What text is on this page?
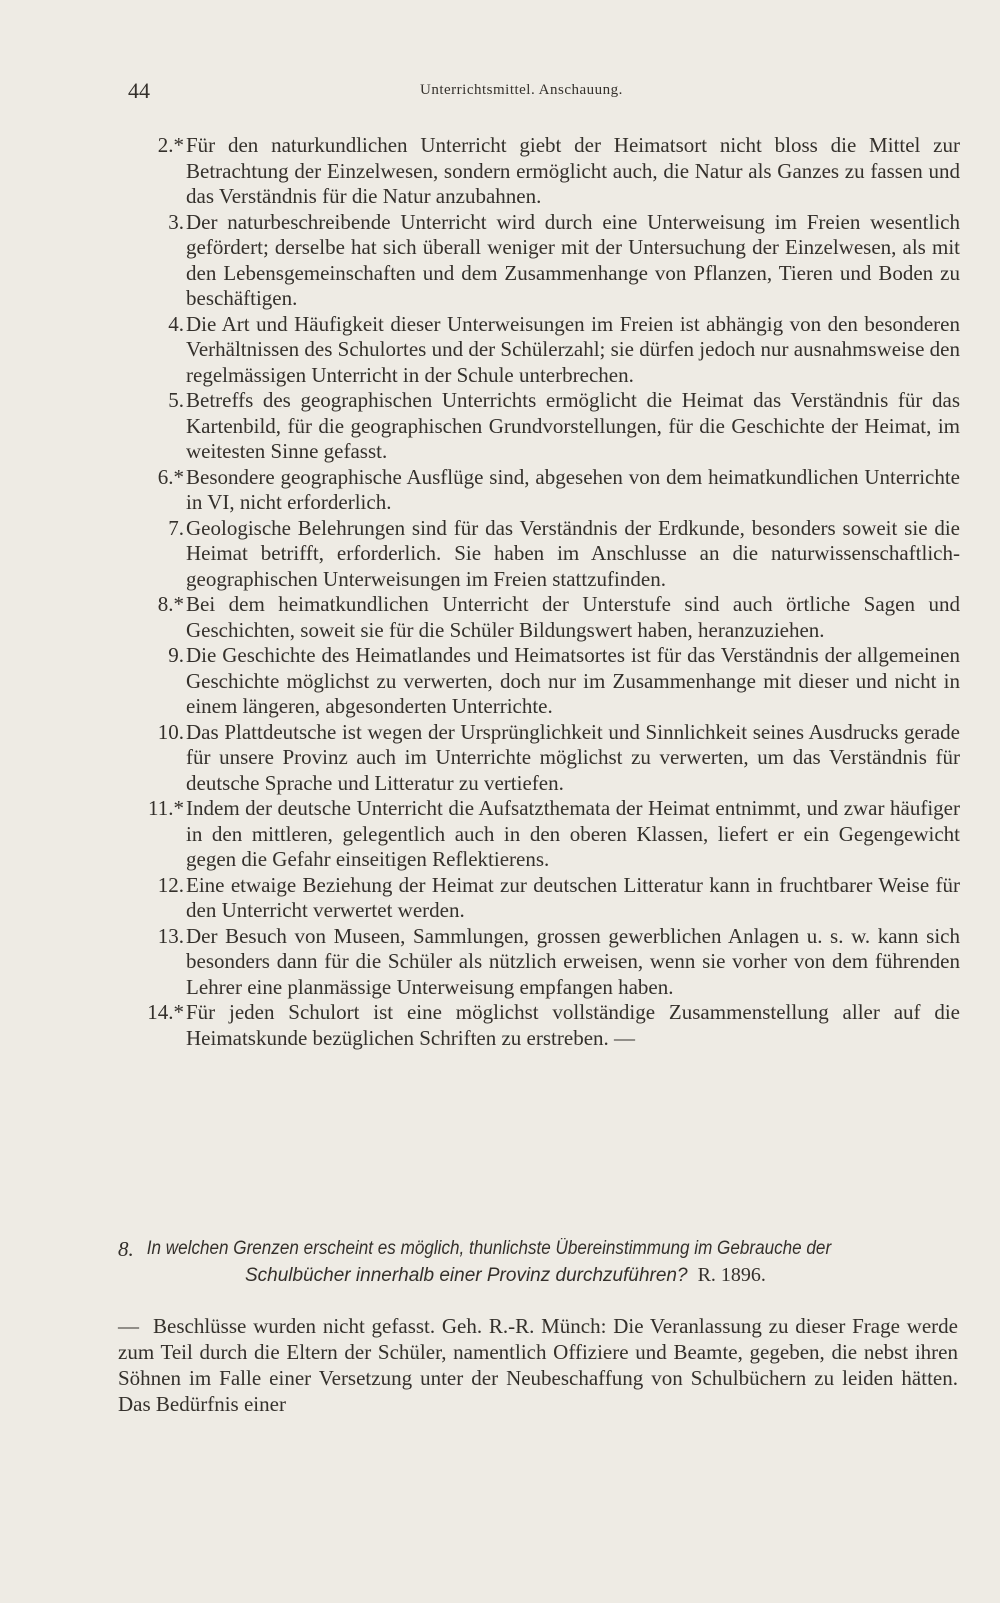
44	Unterrichtsmittel. Anschauung.
2.* Für den naturkundlichen Unterricht giebt der Heimatsort nicht bloss die Mittel zur Betrachtung der Einzelwesen, sondern ermöglicht auch, die Natur als Ganzes zu fassen und das Verständnis für die Natur anzubahnen.
3. Der naturbeschreibende Unterricht wird durch eine Unterweisung im Freien wesentlich gefördert; derselbe hat sich überall weniger mit der Untersuchung der Einzelwesen, als mit den Lebensgemeinschaften und dem Zusammenhange von Pflanzen, Tieren und Boden zu beschäftigen.
4. Die Art und Häufigkeit dieser Unterweisungen im Freien ist abhängig von den besonderen Verhältnissen des Schulortes und der Schülerzahl; sie dürfen jedoch nur ausnahmsweise den regelmässigen Unterricht in der Schule unterbrechen.
5. Betreffs des geographischen Unterrichts ermöglicht die Heimat das Verständnis für das Kartenbild, für die geographischen Grundvorstellungen, für die Geschichte der Heimat, im weitesten Sinne gefasst.
6.* Besondere geographische Ausflüge sind, abgesehen von dem heimatkundlichen Unterrichte in VI, nicht erforderlich.
7. Geologische Belehrungen sind für das Verständnis der Erdkunde, besonders soweit sie die Heimat betrifft, erforderlich. Sie haben im Anschlusse an die naturwissenschaftlich-geographischen Unterweisungen im Freien stattzufinden.
8.* Bei dem heimatkundlichen Unterricht der Unterstufe sind auch örtliche Sagen und Geschichten, soweit sie für die Schüler Bildungswert haben, heranzuziehen.
9. Die Geschichte des Heimatlandes und Heimatsortes ist für das Verständnis der allgemeinen Geschichte möglichst zu verwerten, doch nur im Zusammenhange mit dieser und nicht in einem längeren, abgesonderten Unterrichte.
10. Das Plattdeutsche ist wegen der Ursprünglichkeit und Sinnlichkeit seines Ausdrucks gerade für unsere Provinz auch im Unterrichte möglichst zu verwerten, um das Verständnis für deutsche Sprache und Litteratur zu vertiefen.
11.* Indem der deutsche Unterricht die Aufsatzthemata der Heimat entnimmt, und zwar häufiger in den mittleren, gelegentlich auch in den oberen Klassen, liefert er ein Gegengewicht gegen die Gefahr einseitigen Reflektierens.
12. Eine etwaige Beziehung der Heimat zur deutschen Litteratur kann in fruchtbarer Weise für den Unterricht verwertet werden.
13. Der Besuch von Museen, Sammlungen, grossen gewerblichen Anlagen u. s. w. kann sich besonders dann für die Schüler als nützlich erweisen, wenn sie vorher von dem führenden Lehrer eine planmässige Unterweisung empfangen haben.
14.* Für jeden Schulort ist eine möglichst vollständige Zusammenstellung aller auf die Heimatskunde bezüglichen Schriften zu erstreben. —
8. In welchen Grenzen erscheint es möglich, thunlichste Übereinstimmung im Gebrauche der
Schulbücher innerhalb einer Provinz durchzuführen? R. 1896.

— Beschlüsse wurden nicht gefasst. Geh. R.-R. Münch: Die Veranlassung zu dieser Frage werde zum Teil durch die Eltern der Schüler, namentlich Offiziere und Beamte, gegeben, die nebst ihren Söhnen im Falle einer Versetzung unter der Neubeschaffung von Schulbüchern zu leiden hätten. Das Bedürfnis einer
